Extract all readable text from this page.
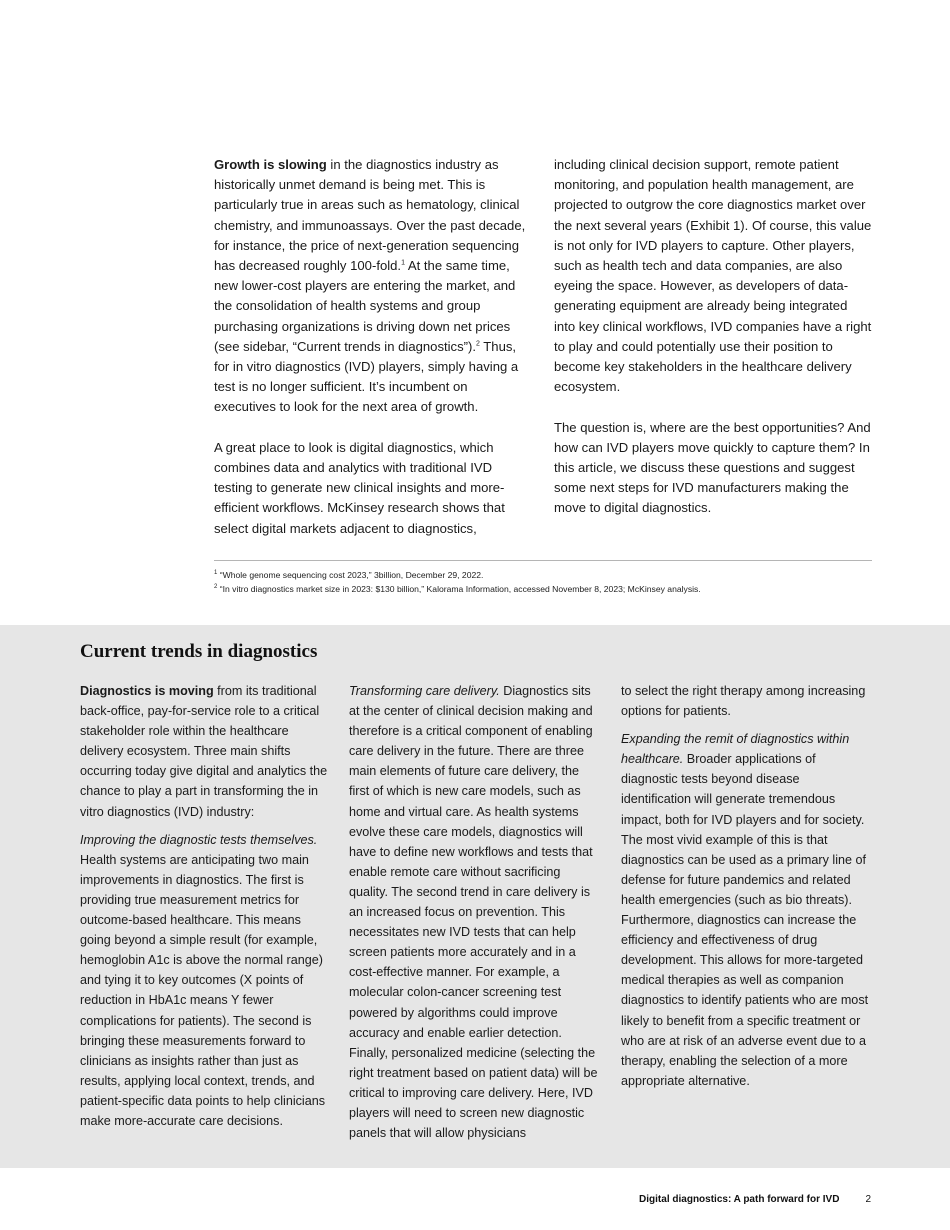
Growth is slowing in the diagnostics industry as historically unmet demand is being met. This is particularly true in areas such as hematology, clinical chemistry, and immunoassays. Over the past decade, for instance, the price of next-generation sequencing has decreased roughly 100-fold.$^1$ At the same time, new lower-cost players are entering the market, and the consolidation of health systems and group purchasing organizations is driving down net prices (see sidebar, “Current trends in diagnostics”).$^2$ Thus, for in vitro diagnostics (IVD) players, simply having a test is no longer sufficient. It’s incumbent on executives to look for the next area of growth.

A great place to look is digital diagnostics, which combines data and analytics with traditional IVD testing to generate new clinical insights and more-efficient workflows. McKinsey research shows that select digital markets adjacent to diagnostics,

including clinical decision support, remote patient monitoring, and population health management, are projected to outgrow the core diagnostics market over the next several years (Exhibit 1). Of course, this value is not only for IVD players to capture. Other players, such as health tech and data companies, are also eyeing the space. However, as developers of data-generating equipment are already being integrated into key clinical workflows, IVD companies have a right to play and could potentially use their position to become key stakeholders in the healthcare delivery ecosystem.

The question is, where are the best opportunities? And how can IVD players move quickly to capture them? In this article, we discuss these questions and suggest some next steps for IVD manufacturers making the move to digital diagnostics.

$^1$ “Whole genome sequencing cost 2023,” 3billion, December 29, 2022.
$^2$ “In vitro diagnostics market size in 2023: $130 billion,” Kalorama Information, accessed November 8, 2023; McKinsey analysis.
Current trends in diagnostics

Diagnostics is moving from its traditional back-office, pay-for-service role to a critical stakeholder role within the healthcare delivery ecosystem. Three main shifts occurring today give digital and analytics the chance to play a part in transforming the in vitro diagnostics (IVD) industry:

Improving the diagnostic tests themselves. Health systems are anticipating two main improvements in diagnostics. The first is providing true measurement metrics for outcome-based healthcare. This means going beyond a simple result (for example, hemoglobin A1c is above the normal range) and tying it to key outcomes (X points of reduction in HbA1c means Y fewer complications for patients). The second is bringing these measurements forward to clinicians as insights rather than just as results, applying local context, trends, and patient-specific data points to help clinicians make more-accurate care decisions.

Transforming care delivery. Diagnostics sits at the center of clinical decision making and therefore is a critical component of enabling care delivery in the future. There are three main elements of future care delivery, the first of which is new care models, such as home and virtual care. As health systems evolve these care models, diagnostics will have to define new workflows and tests that enable remote care without sacrificing quality. The second trend in care delivery is an increased focus on prevention. This necessitates new IVD tests that can help screen patients more accurately and in a cost-effective manner. For example, a molecular colon-cancer screening test powered by algorithms could improve accuracy and enable earlier detection. Finally, personalized medicine (selecting the right treatment based on patient data) will be critical to improving care delivery. Here, IVD players will need to screen new diagnostic panels that will allow physicians

to select the right therapy among increasing options for patients.

Expanding the remit of diagnostics within healthcare. Broader applications of diagnostic tests beyond disease identification will generate tremendous impact, both for IVD players and for society. The most vivid example of this is that diagnostics can be used as a primary line of defense for future pandemics and related health emergencies (such as bio threats). Furthermore, diagnostics can increase the efficiency and effectiveness of drug development. This allows for more-targeted medical therapies as well as companion diagnostics to identify patients who are most likely to benefit from a specific treatment or who are at risk of an adverse event due to a therapy, enabling the selection of a more appropriate alternative.

Digital diagnostics: A path forward for IVD	2
